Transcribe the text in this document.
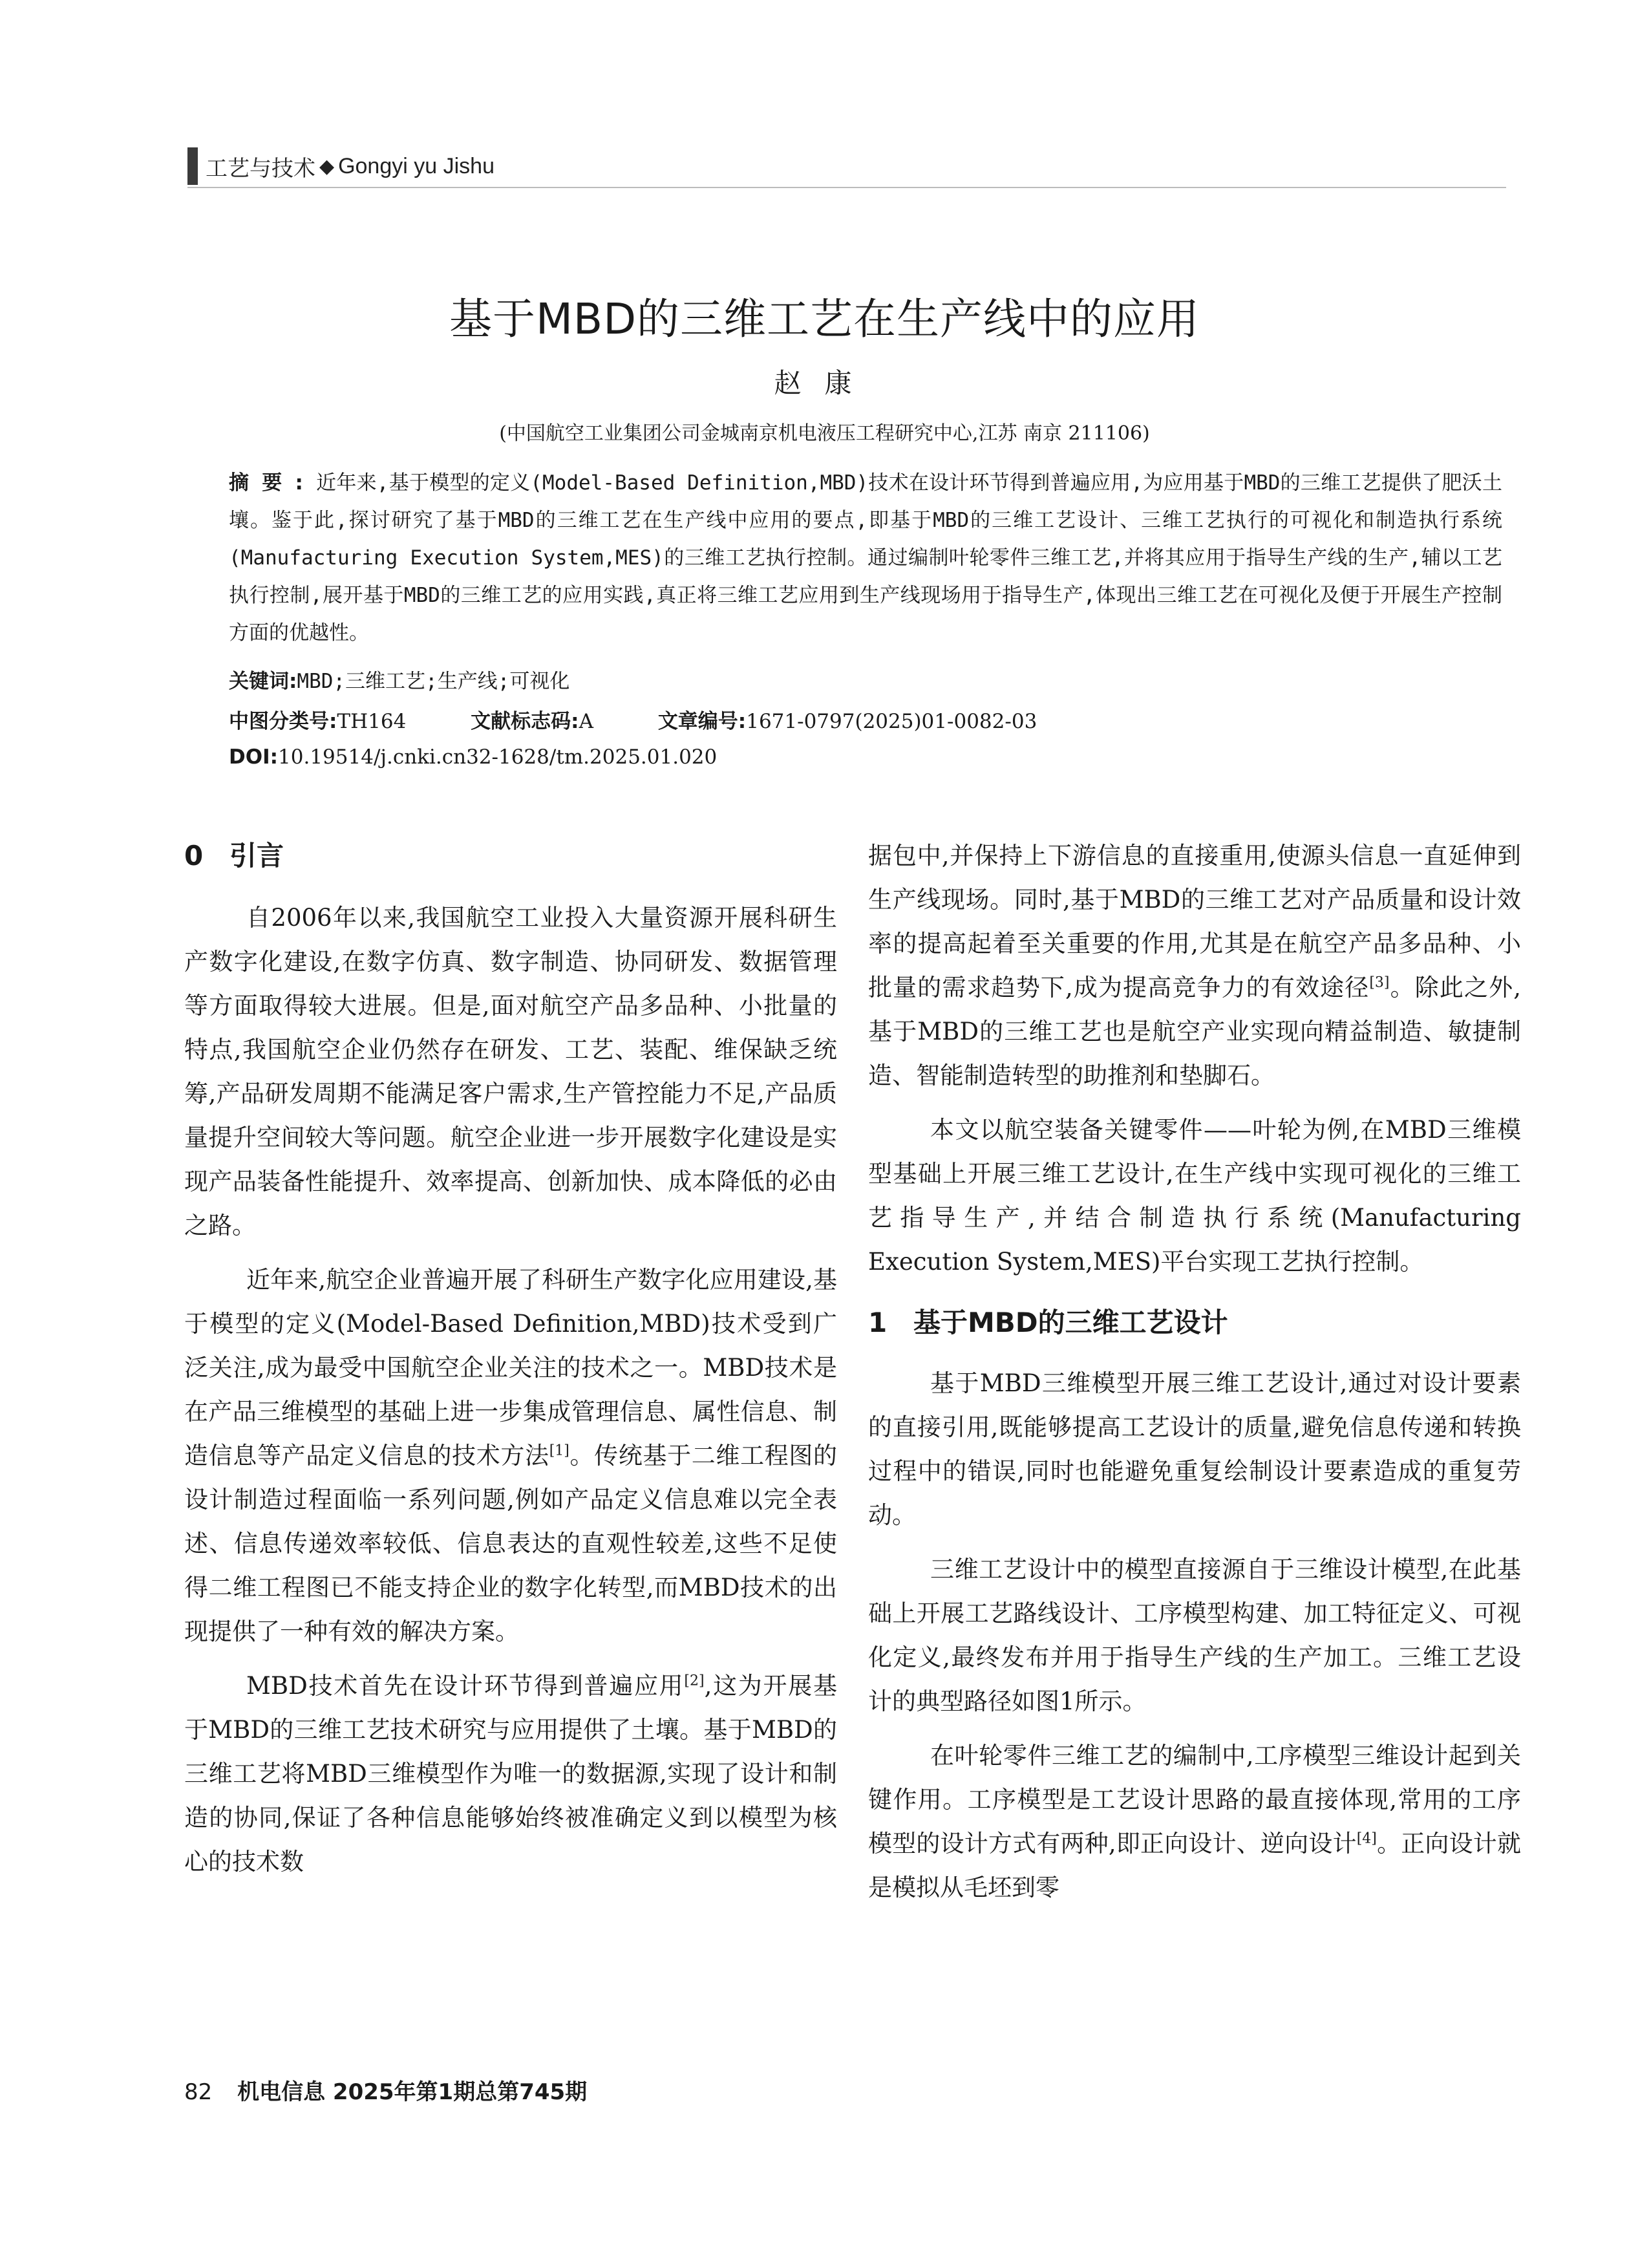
工艺与技术 ◆ Gongyi yu Jishu
基于MBD的三维工艺在生产线中的应用
赵康
(中国航空工业集团公司金城南京机电液压工程研究中心,江苏 南京 211106)
摘要:近年来,基于模型的定义(Model-Based Definition,MBD)技术在设计环节得到普遍应用,为应用基于MBD的三维工艺提供了肥沃土壤。鉴于此,探讨研究了基于MBD的三维工艺在生产线中应用的要点,即基于MBD的三维工艺设计、三维工艺执行的可视化和制造执行系统(Manufacturing Execution System,MES)的三维工艺执行控制。通过编制叶轮零件三维工艺,并将其应用于指导生产线的生产,辅以工艺执行控制,展开基于MBD的三维工艺的应用实践,真正将三维工艺应用到生产线现场用于指导生产,体现出三维工艺在可视化及便于开展生产控制方面的优越性。
关键词:MBD;三维工艺;生产线;可视化
中图分类号:TH164	文献标志码:A	文章编号:1671-0797(2025)01-0082-03
DOI:10.19514/j.cnki.cn32-1628/tm.2025.01.020
0 引言

自2006年以来,我国航空工业投入大量资源开展科研生产数字化建设,在数字仿真、数字制造、协同研发、数据管理等方面取得较大进展。但是,面对航空产品多品种、小批量的特点,我国航空企业仍然存在研发、工艺、装配、维保缺乏统筹,产品研发周期不能满足客户需求,生产管控能力不足,产品质量提升空间较大等问题。航空企业进一步开展数字化建设是实现产品装备性能提升、效率提高、创新加快、成本降低的必由之路。

近年来,航空企业普遍开展了科研生产数字化应用建设,基于模型的定义(Model-Based Definition,MBD)技术受到广泛关注,成为最受中国航空企业关注的技术之一。MBD技术是在产品三维模型的基础上进一步集成管理信息、属性信息、制造信息等产品定义信息的技术方法[1]。传统基于二维工程图的设计制造过程面临一系列问题,例如产品定义信息难以完全表述、信息传递效率较低、信息表达的直观性较差,这些不足使得二维工程图已不能支持企业的数字化转型,而MBD技术的出现提供了一种有效的解决方案。

MBD技术首先在设计环节得到普遍应用[2],这为开展基于MBD的三维工艺技术研究与应用提供了土壤。基于MBD的三维工艺将MBD三维模型作为唯一的数据源,实现了设计和制造的协同,保证了各种信息能够始终被准确定义到以模型为核心的技术数

据包中,并保持上下游信息的直接重用,使源头信息一直延伸到生产线现场。同时,基于MBD的三维工艺对产品质量和设计效率的提高起着至关重要的作用,尤其是在航空产品多品种、小批量的需求趋势下,成为提高竞争力的有效途径[3]。除此之外,基于MBD的三维工艺也是航空产业实现向精益制造、敏捷制造、智能制造转型的助推剂和垫脚石。

本文以航空装备关键零件——叶轮为例,在MBD三维模型基础上开展三维工艺设计,在生产线中实现可视化的三维工艺指导生产,并结合制造执行系统(Manufacturing Execution System,MES)平台实现工艺执行控制。

1 基于MBD的三维工艺设计

基于MBD三维模型开展三维工艺设计,通过对设计要素的直接引用,既能够提高工艺设计的质量,避免信息传递和转换过程中的错误,同时也能避免重复绘制设计要素造成的重复劳动。

三维工艺设计中的模型直接源自于三维设计模型,在此基础上开展工艺路线设计、工序模型构建、加工特征定义、可视化定义,最终发布并用于指导生产线的生产加工。三维工艺设计的典型路径如图1所示。

在叶轮零件三维工艺的编制中,工序模型三维设计起到关键作用。工序模型是工艺设计思路的最直接体现,常用的工序模型的设计方式有两种,即正向设计、逆向设计[4]。正向设计就是模拟从毛坯到零

82 机电信息 2025年第1期总第745期
